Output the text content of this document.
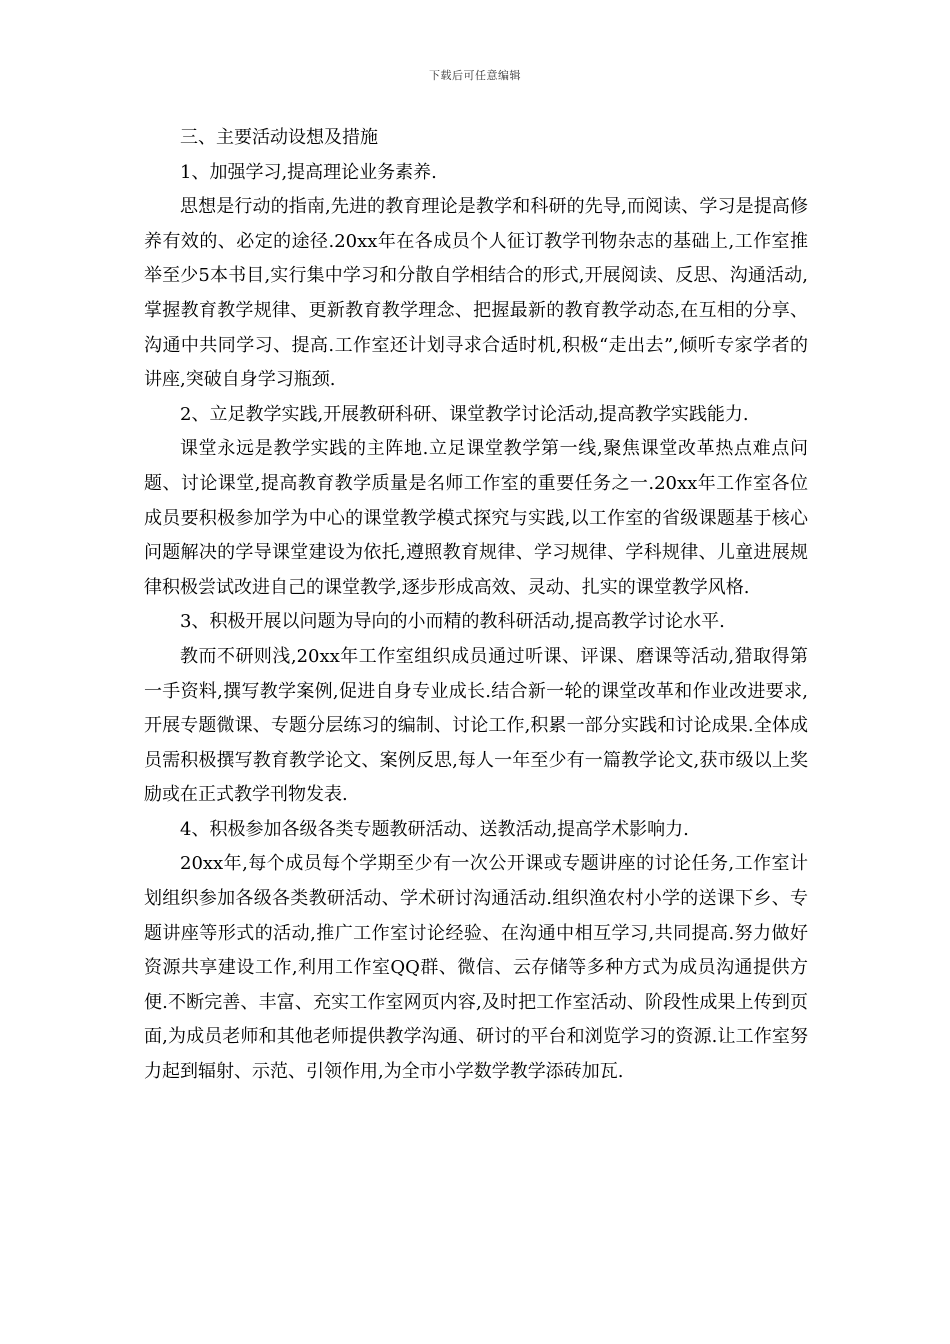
下载后可任意编辑

三、主要活动设想及措施

1、加强学习,提高理论业务素养.

思想是行动的指南,先进的教育理论是教学和科研的先导,而阅读、学习是提高修养有效的、必定的途径.20xx年在各成员个人征订教学刊物杂志的基础上,工作室推举至少5本书目,实行集中学习和分散自学相结合的形式,开展阅读、反思、沟通活动,掌握教育教学规律、更新教育教学理念、把握最新的教育教学动态,在互相的分享、沟通中共同学习、提高.工作室还计划寻求合适时机,积极“走出去”,倾听专家学者的讲座,突破自身学习瓶颈.

2、立足教学实践,开展教研科研、课堂教学讨论活动,提高教学实践能力.

课堂永远是教学实践的主阵地.立足课堂教学第一线,聚焦课堂改革热点难点问题、讨论课堂,提高教育教学质量是名师工作室的重要任务之一.20xx年工作室各位成员要积极参加学为中心的课堂教学模式探究与实践,以工作室的省级课题基于核心问题解决的学导课堂建设为依托,遵照教育规律、学习规律、学科规律、儿童进展规律积极尝试改进自己的课堂教学,逐步形成高效、灵动、扎实的课堂教学风格.

3、积极开展以问题为导向的小而精的教科研活动,提高教学讨论水平.

教而不研则浅,20xx年工作室组织成员通过听课、评课、磨课等活动,猎取得第一手资料,撰写教学案例,促进自身专业成长.结合新一轮的课堂改革和作业改进要求,开展专题微课、专题分层练习的编制、讨论工作,积累一部分实践和讨论成果.全体成员需积极撰写教育教学论文、案例反思,每人一年至少有一篇教学论文,获市级以上奖励或在正式教学刊物发表.

4、积极参加各级各类专题教研活动、送教活动,提高学术影响力.

20xx年,每个成员每个学期至少有一次公开课或专题讲座的讨论任务,工作室计划组织参加各级各类教研活动、学术研讨沟通活动.组织渔农村小学的送课下乡、专题讲座等形式的活动,推广工作室讨论经验、在沟通中相互学习,共同提高.努力做好资源共享建设工作,利用工作室QQ群、微信、云存储等多种方式为成员沟通提供方便.不断完善、丰富、充实工作室网页内容,及时把工作室活动、阶段性成果上传到页面,为成员老师和其他老师提供教学沟通、研讨的平台和浏览学习的资源.让工作室努力起到辐射、示范、引领作用,为全市小学数学教学添砖加瓦.
